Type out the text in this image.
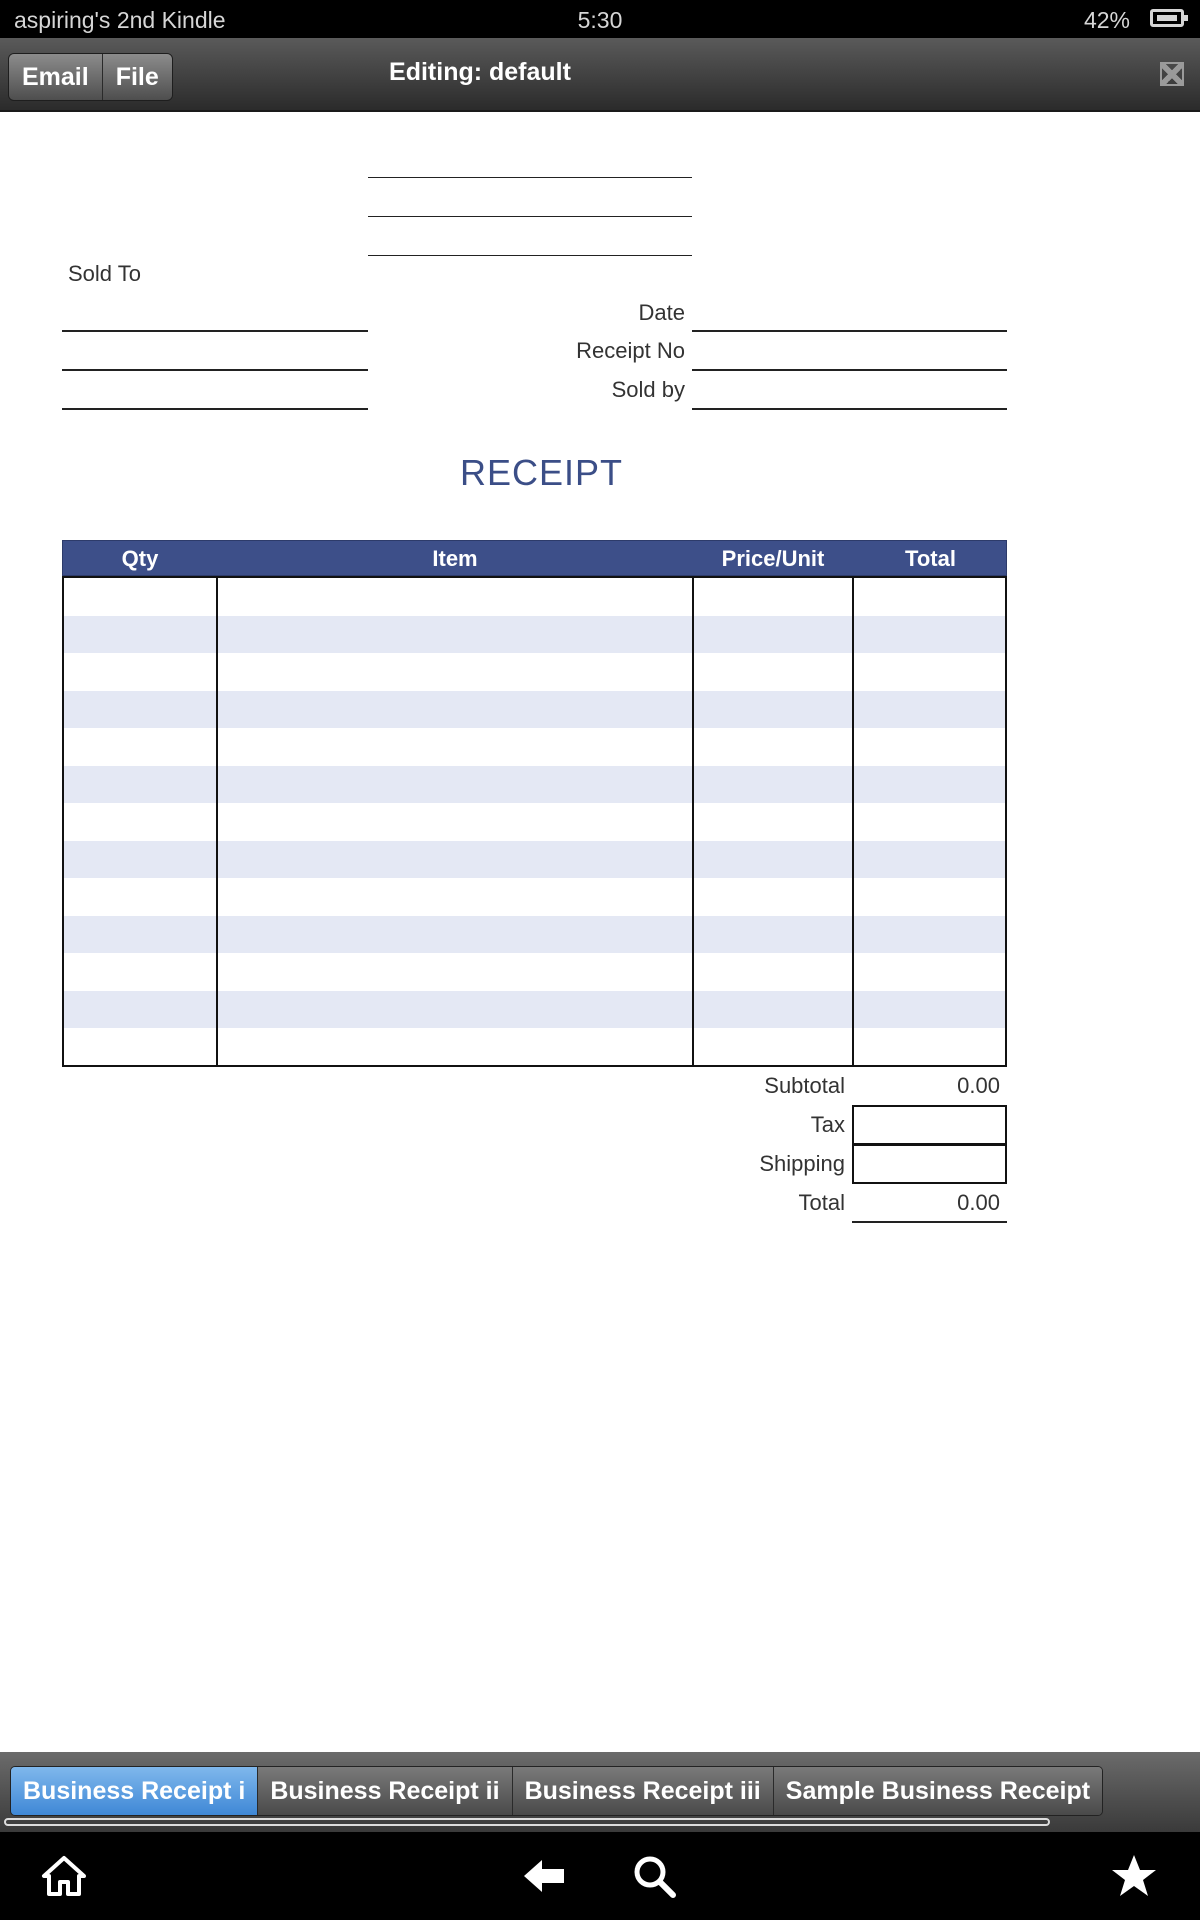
aspiring's 2nd Kindle	5:30	42%
Email	File	Editing: default
Sold To
Date
Receipt No
Sold by
RECEIPT
Qty	Item	Price/Unit	Total
Subtotal	0.00
Tax
Shipping
Total	0.00
Business Receipt i	Business Receipt ii	Business Receipt iii	Sample Business Receipt
